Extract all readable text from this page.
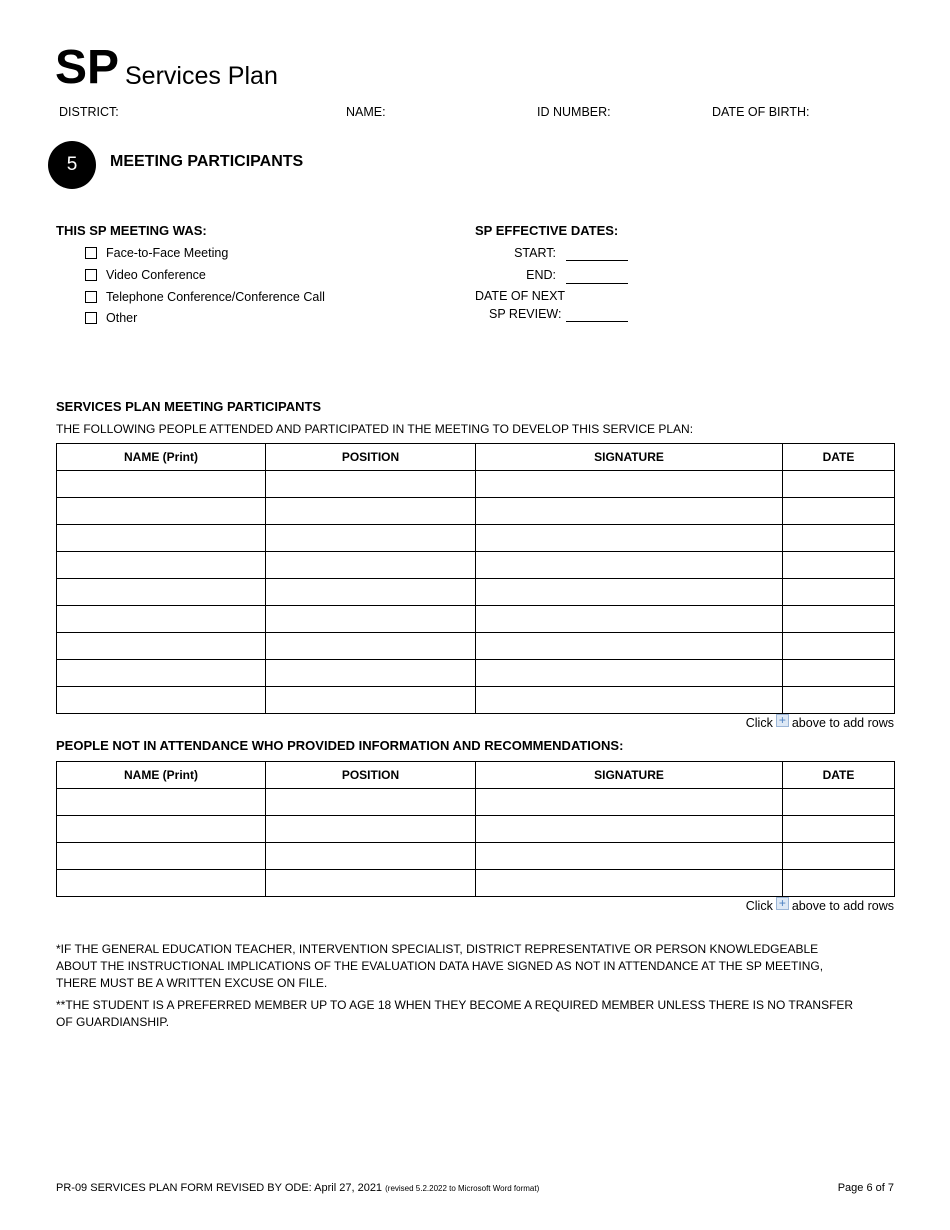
SP Services Plan
DISTRICT:	NAME:	ID NUMBER:	DATE OF BIRTH:
5	MEETING PARTICIPANTS
THIS SP MEETING WAS:
Face-to-Face Meeting
Video Conference
Telephone Conference/Conference Call
Other
SP EFFECTIVE DATES:
START:
END:
DATE OF NEXT
SP REVIEW:
SERVICES PLAN MEETING PARTICIPANTS
THE FOLLOWING PEOPLE ATTENDED AND PARTICIPATED IN THE MEETING TO DEVELOP THIS SERVICE PLAN:
NAME (Print)	POSITION	SIGNATURE	DATE

Click + above to add rows
PEOPLE NOT IN ATTENDANCE WHO PROVIDED INFORMATION AND RECOMMENDATIONS:
NAME (Print)	POSITION	SIGNATURE	DATE

Click + above to add rows
*IF THE GENERAL EDUCATION TEACHER, INTERVENTION SPECIALIST, DISTRICT REPRESENTATIVE OR PERSON KNOWLEDGEABLE ABOUT THE INSTRUCTIONAL IMPLICATIONS OF THE EVALUATION DATA HAVE SIGNED AS NOT IN ATTENDANCE AT THE SP MEETING, THERE MUST BE A WRITTEN EXCUSE ON FILE.
**THE STUDENT IS A PREFERRED MEMBER UP TO AGE 18 WHEN THEY BECOME A REQUIRED MEMBER UNLESS THERE IS NO TRANSFER OF GUARDIANSHIP.
PR-09 SERVICES PLAN FORM REVISED BY ODE: April 27, 2021 (revised 5.2.2022 to Microsoft Word format)	Page 6 of 7
